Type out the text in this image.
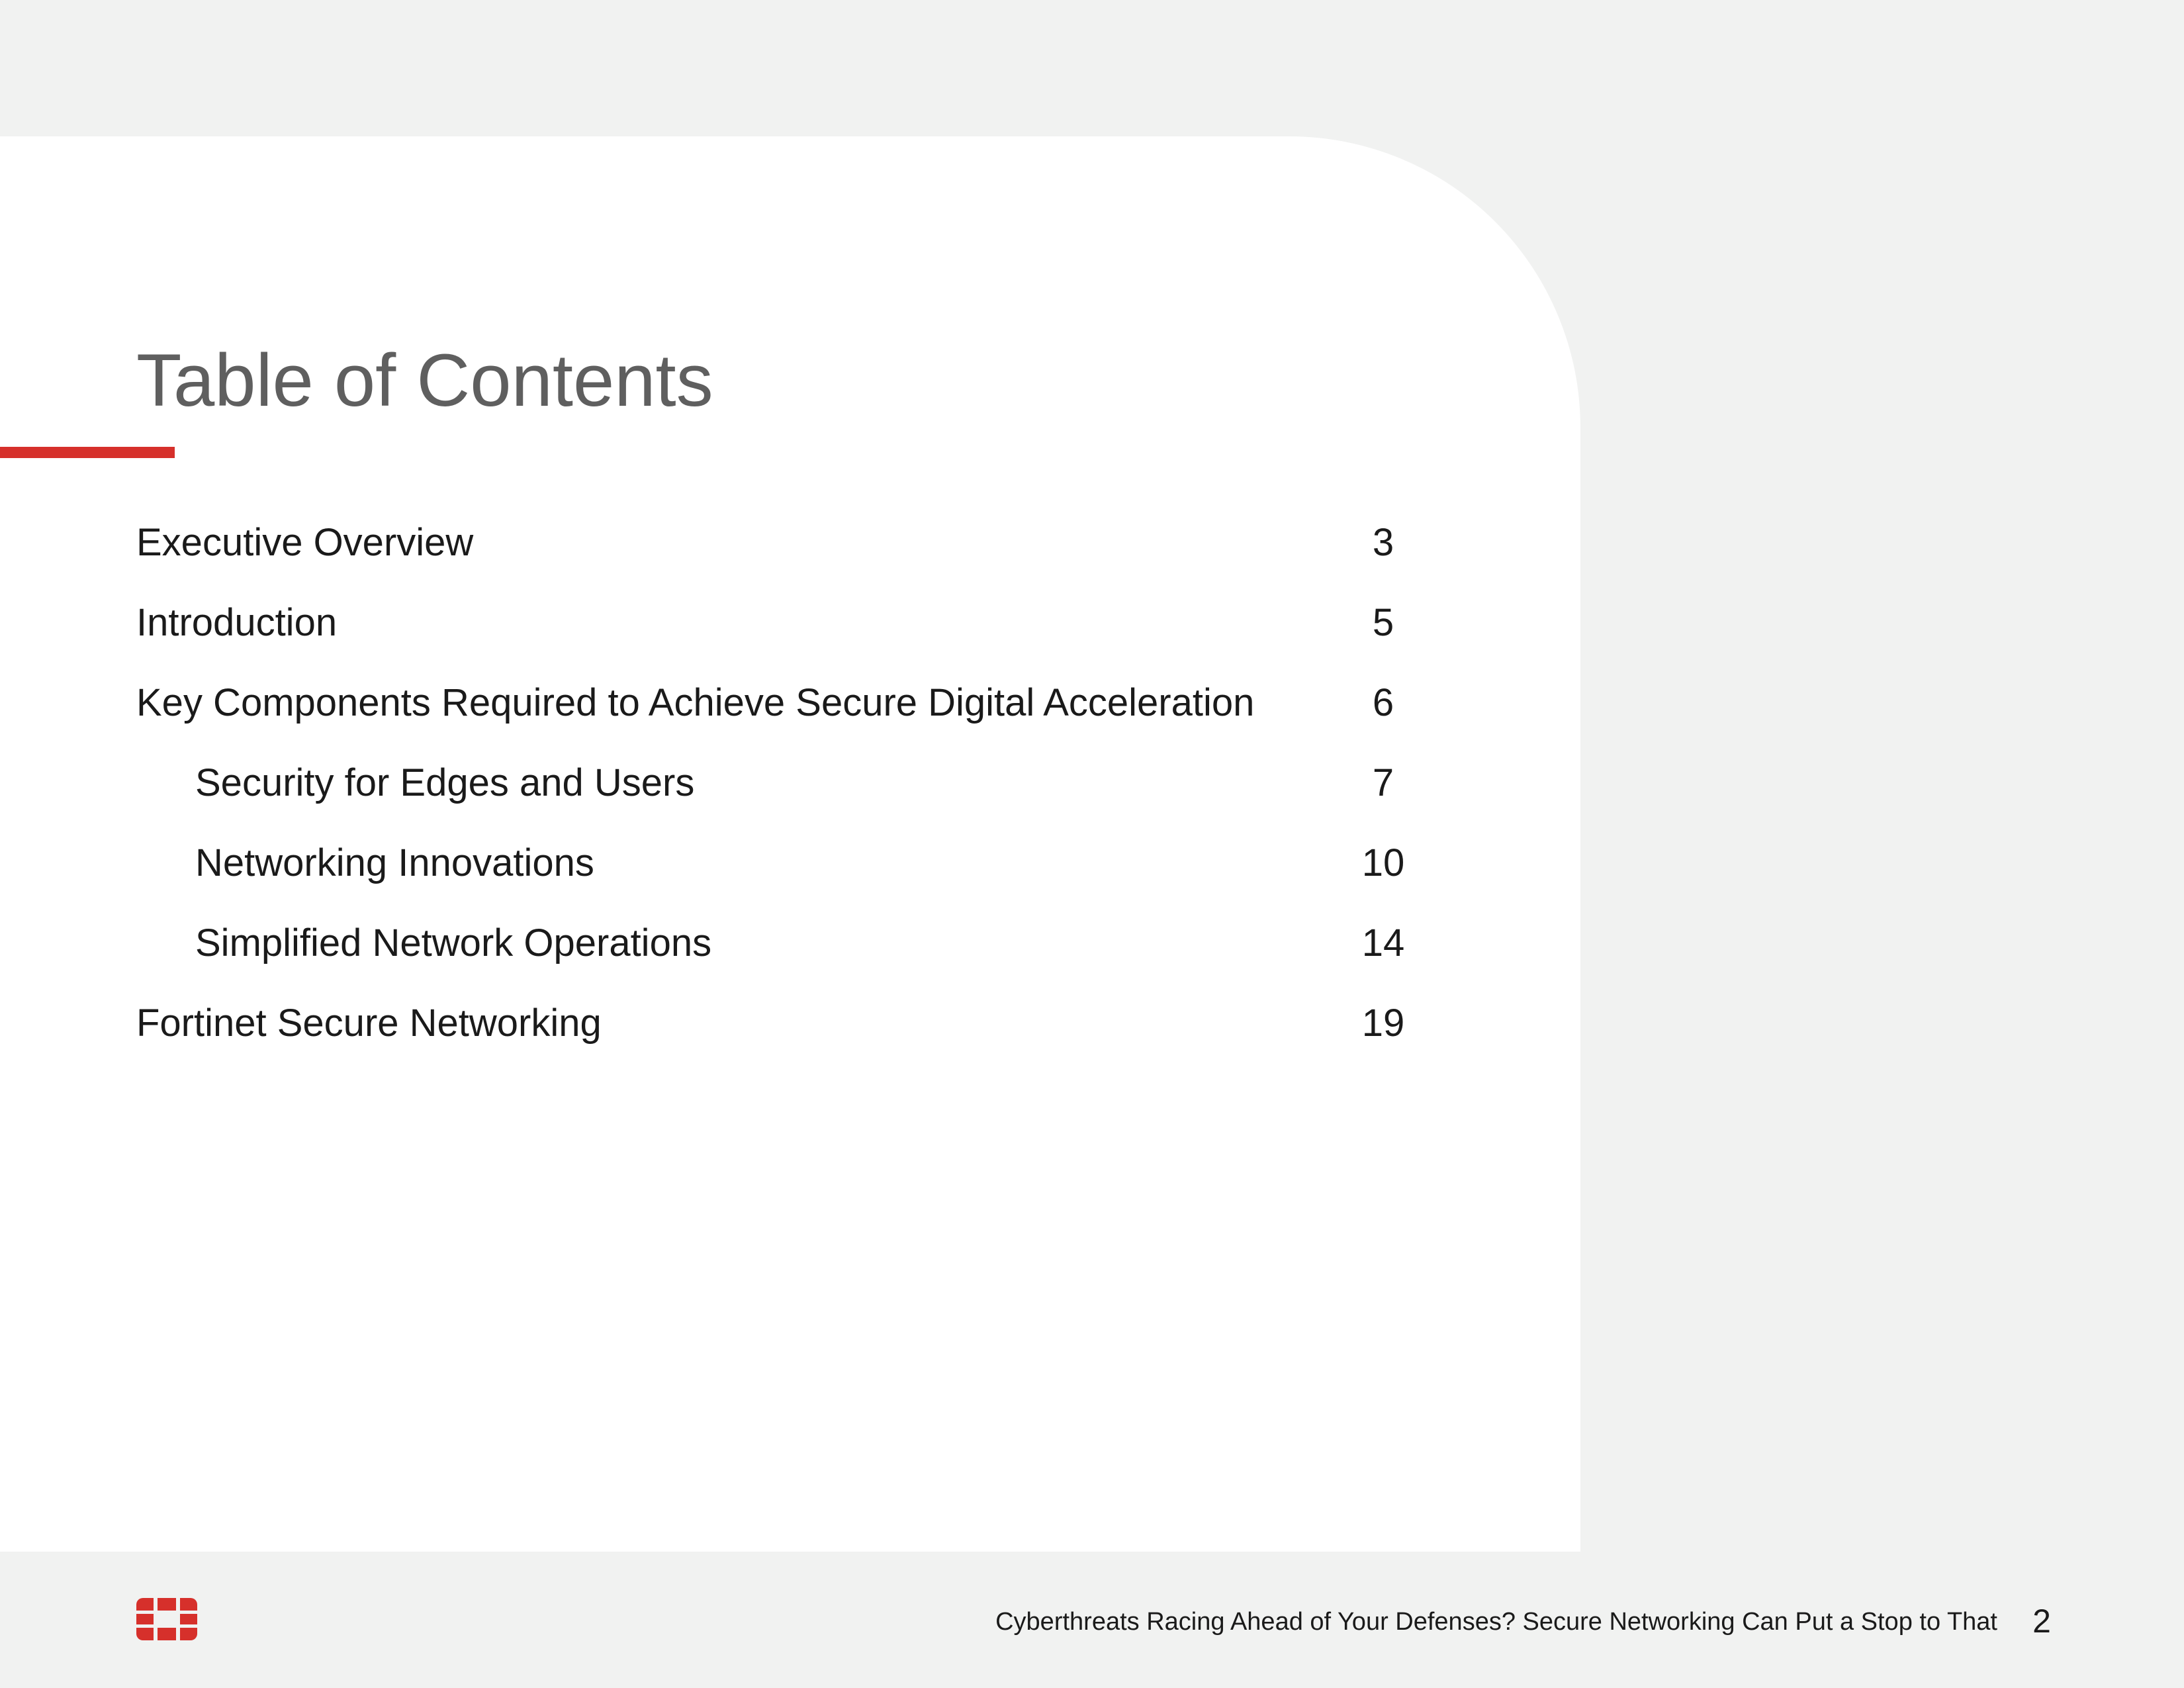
Table of Contents
Executive Overview	3
Introduction	5
Key Components Required to Achieve Secure Digital Acceleration	6
Security for Edges and Users	7
Networking Innovations	10
Simplified Network Operations	14
Fortinet Secure Networking	19
Cyberthreats Racing Ahead of Your Defenses? Secure Networking Can Put a Stop to That 2
